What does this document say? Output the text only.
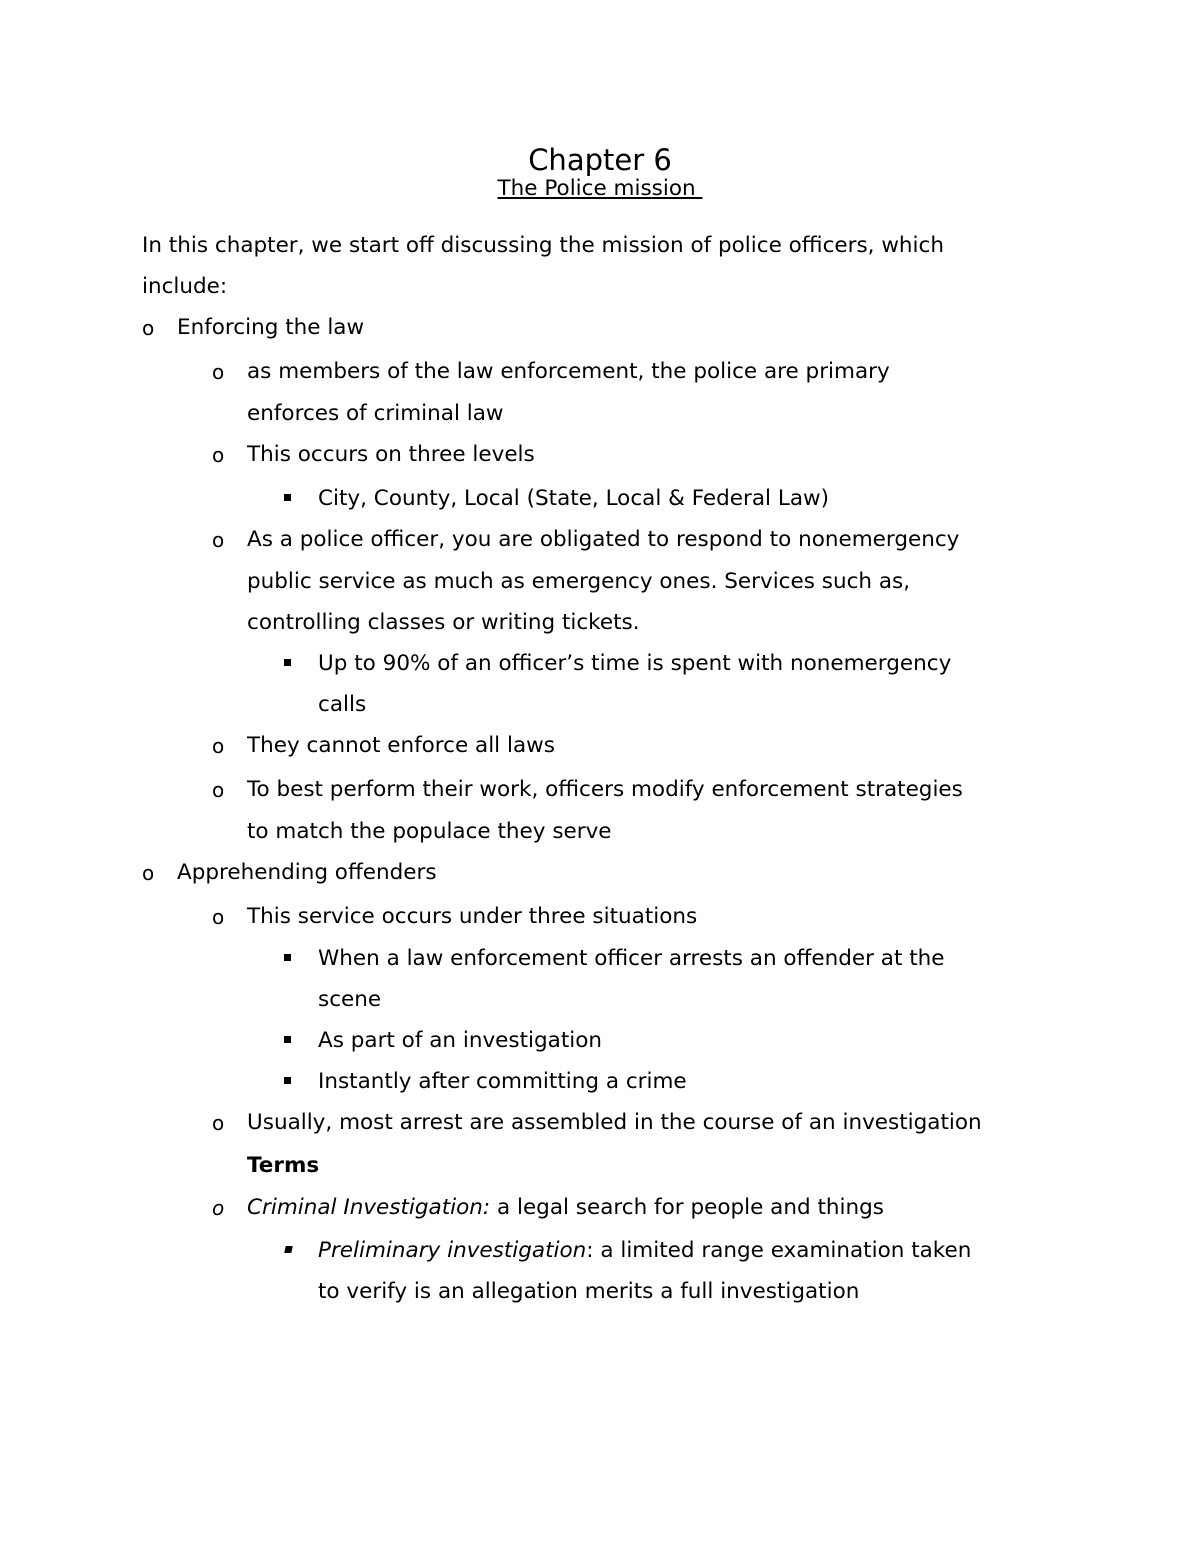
Chapter 6
The Police mission
In this chapter, we start off discussing the mission of police officers, which
include:
o	Enforcing the law
o	as members of the law enforcement, the police are primary
enforces of criminal law
o	This occurs on three levels
City, County, Local (State, Local & Federal Law)
o	As a police officer, you are obligated to respond to nonemergency
public service as much as emergency ones. Services such as,
controlling classes or writing tickets.
Up to 90% of an officer’s time is spent with nonemergency
calls
o	They cannot enforce all laws
o	To best perform their work, officers modify enforcement strategies
to match the populace they serve
o	Apprehending offenders
o	This service occurs under three situations
When a law enforcement officer arrests an offender at the
scene
As part of an investigation
Instantly after committing a crime
o	Usually, most arrest are assembled in the course of an investigation
Terms
o	Criminal Investigation: a legal search for people and things
Preliminary investigation: a limited range examination taken
to verify is an allegation merits a full investigation
